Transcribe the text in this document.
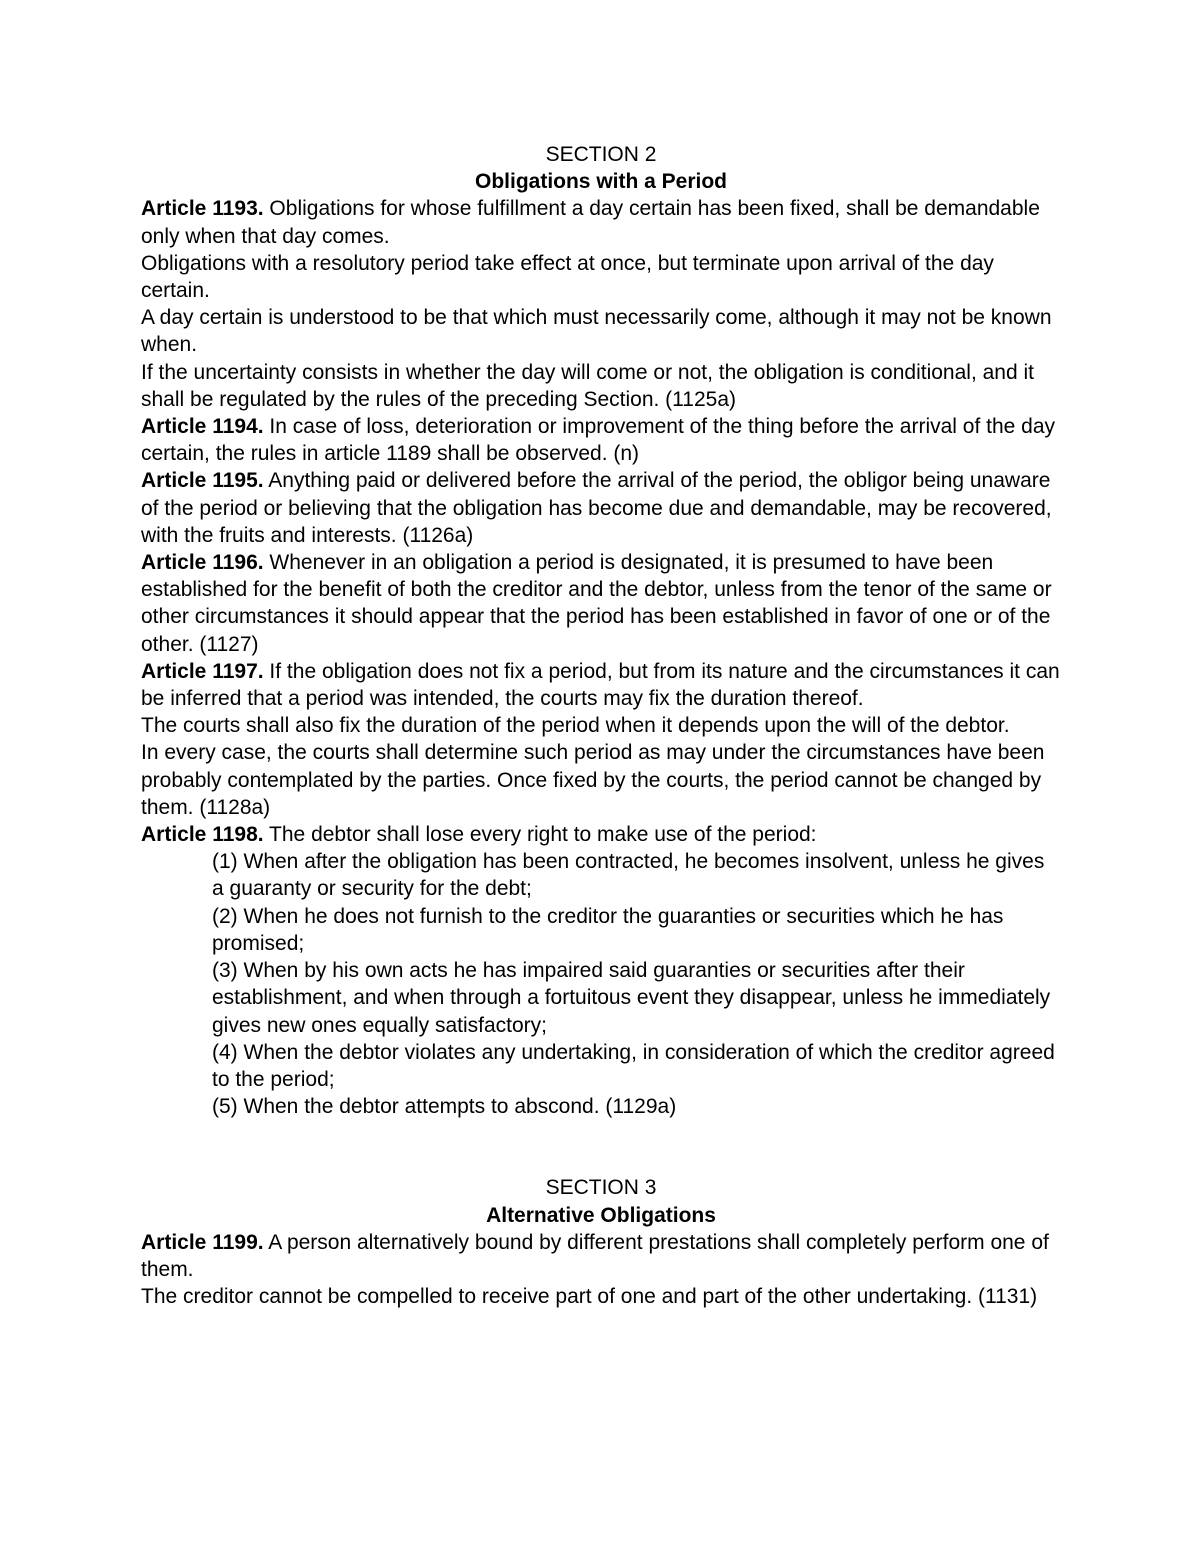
SECTION 2

Obligations with a Period

Article 1193. Obligations for whose fulfillment a day certain has been fixed, shall be demandable only when that day comes.

Obligations with a resolutory period take effect at once, but terminate upon arrival of the day certain.

A day certain is understood to be that which must necessarily come, although it may not be known when.

If the uncertainty consists in whether the day will come or not, the obligation is conditional, and it shall be regulated by the rules of the preceding Section. (1125a)

Article 1194. In case of loss, deterioration or improvement of the thing before the arrival of the day certain, the rules in article 1189 shall be observed. (n)

Article 1195. Anything paid or delivered before the arrival of the period, the obligor being unaware of the period or believing that the obligation has become due and demandable, may be recovered, with the fruits and interests. (1126a)

Article 1196. Whenever in an obligation a period is designated, it is presumed to have been established for the benefit of both the creditor and the debtor, unless from the tenor of the same or other circumstances it should appear that the period has been established in favor of one or of the other. (1127)

Article 1197. If the obligation does not fix a period, but from its nature and the circumstances it can be inferred that a period was intended, the courts may fix the duration thereof.

The courts shall also fix the duration of the period when it depends upon the will of the debtor.

In every case, the courts shall determine such period as may under the circumstances have been probably contemplated by the parties. Once fixed by the courts, the period cannot be changed by them. (1128a)

Article 1198. The debtor shall lose every right to make use of the period:

(1) When after the obligation has been contracted, he becomes insolvent, unless he gives a guaranty or security for the debt;

(2) When he does not furnish to the creditor the guaranties or securities which he has promised;

(3) When by his own acts he has impaired said guaranties or securities after their establishment, and when through a fortuitous event they disappear, unless he immediately gives new ones equally satisfactory;

(4) When the debtor violates any undertaking, in consideration of which the creditor agreed to the period;

(5) When the debtor attempts to abscond. (1129a)

SECTION 3

Alternative Obligations

Article 1199. A person alternatively bound by different prestations shall completely perform one of them.

The creditor cannot be compelled to receive part of one and part of the other undertaking. (1131)
